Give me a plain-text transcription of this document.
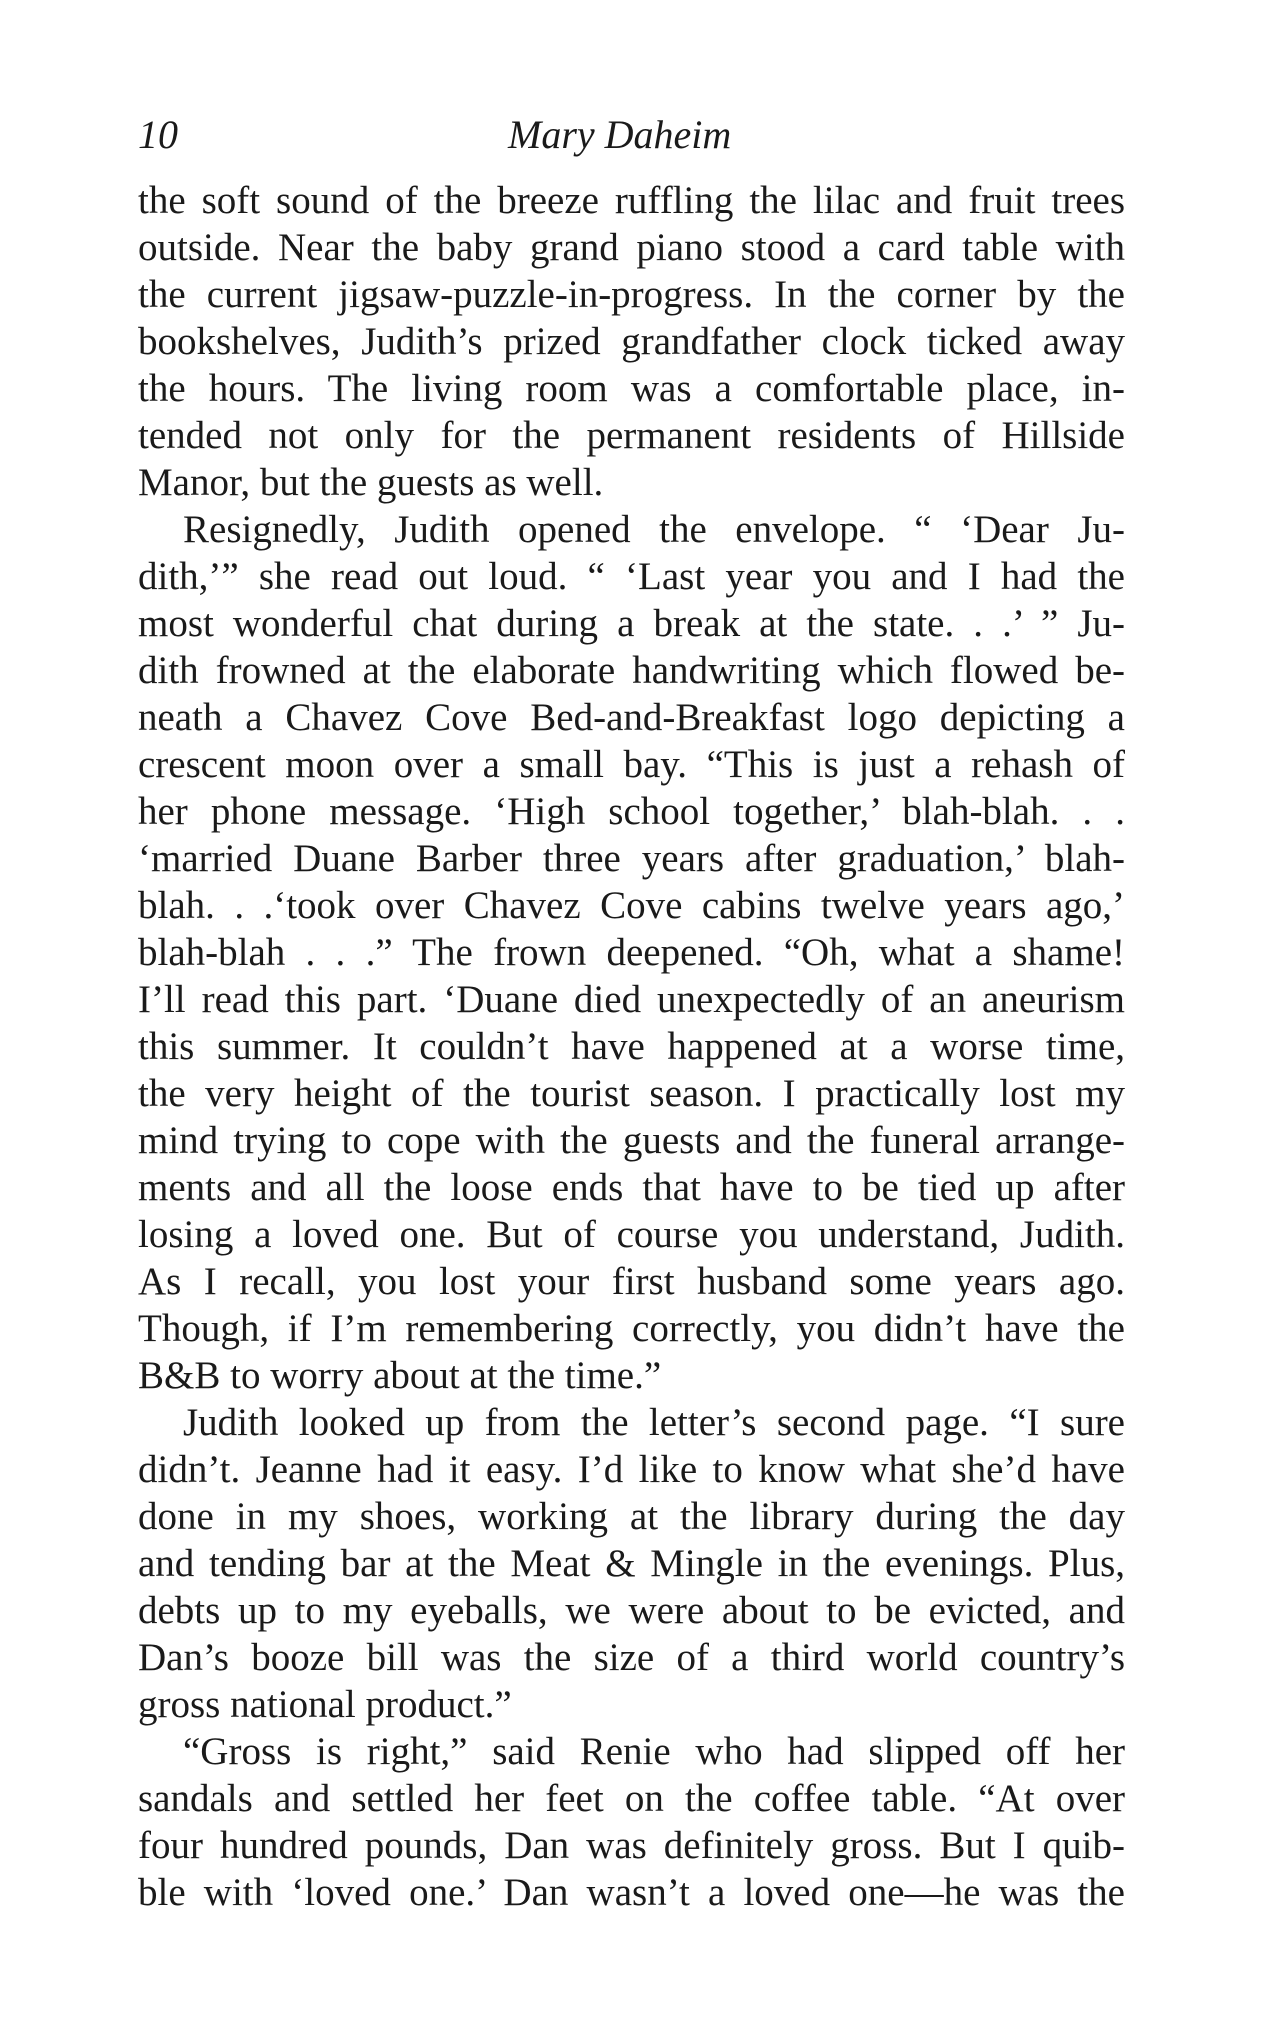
10	Mary Daheim
the soft sound of the breeze ruffling the lilac and fruit trees
outside. Near the baby grand piano stood a card table with
the current jigsaw-puzzle-in-progress. In the corner by the
bookshelves, Judith’s prized grandfather clock ticked away
the hours. The living room was a comfortable place, in-
tended not only for the permanent residents of Hillside
Manor, but the guests as well.
Resignedly, Judith opened the envelope. “ ‘Dear Ju-
dith,’” she read out loud. “ ‘Last year you and I had the
most wonderful chat during a break at the state. . .’ ” Ju-
dith frowned at the elaborate handwriting which flowed be-
neath a Chavez Cove Bed-and-Breakfast logo depicting a
crescent moon over a small bay. “This is just a rehash of
her phone message. ‘High school together,’ blah-blah. . .
‘married Duane Barber three years after graduation,’ blah-
blah. . .‘took over Chavez Cove cabins twelve years ago,’
blah-blah . . .” The frown deepened. “Oh, what a shame!
I’ll read this part. ‘Duane died unexpectedly of an aneurism
this summer. It couldn’t have happened at a worse time,
the very height of the tourist season. I practically lost my
mind trying to cope with the guests and the funeral arrange-
ments and all the loose ends that have to be tied up after
losing a loved one. But of course you understand, Judith.
As I recall, you lost your first husband some years ago.
Though, if I’m remembering correctly, you didn’t have the
B&B to worry about at the time.”
Judith looked up from the letter’s second page. “I sure
didn’t. Jeanne had it easy. I’d like to know what she’d have
done in my shoes, working at the library during the day
and tending bar at the Meat & Mingle in the evenings. Plus,
debts up to my eyeballs, we were about to be evicted, and
Dan’s booze bill was the size of a third world country’s
gross national product.”
“Gross is right,” said Renie who had slipped off her
sandals and settled her feet on the coffee table. “At over
four hundred pounds, Dan was definitely gross. But I quib-
ble with ‘loved one.’ Dan wasn’t a loved one—he was the
